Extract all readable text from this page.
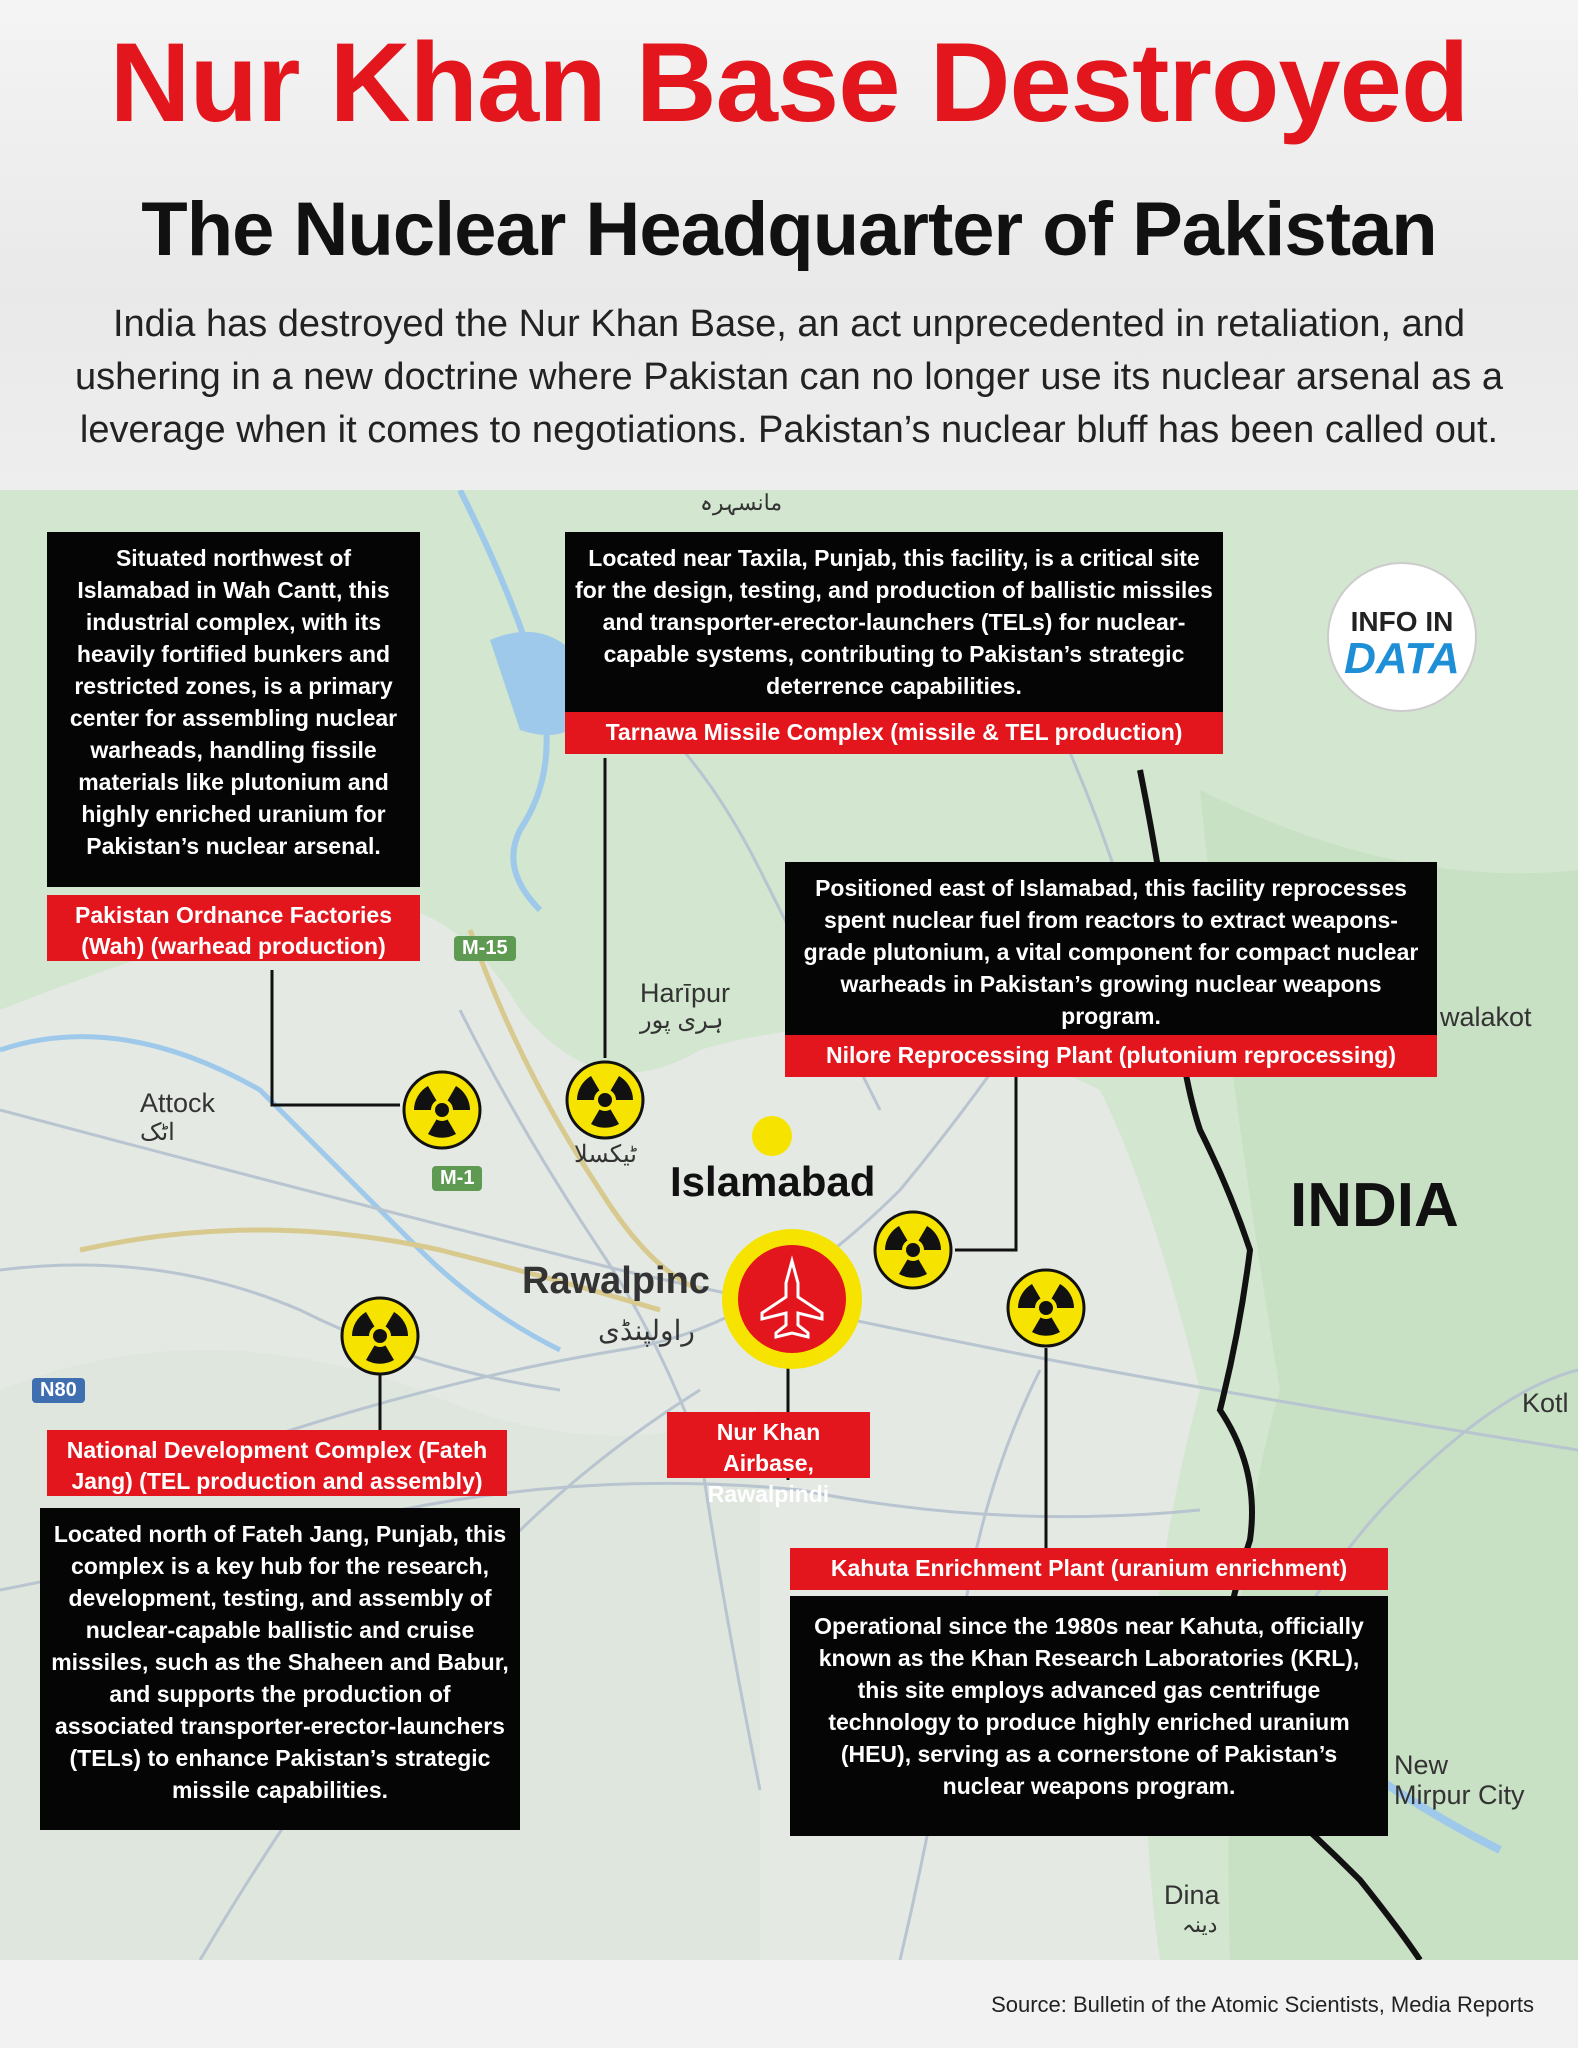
Nur Khan Base Destroyed
The Nuclear Headquarter of Pakistan
India has destroyed the Nur Khan Base, an act unprecedented in retaliation, and ushering in a new doctrine where Pakistan can no longer use its nuclear arsenal as a leverage when it comes to negotiations. Pakistan’s nuclear bluff has been called out.
Harīpur
ہری پور
Attock
اٹک
ٹیکسلا
مانسہرہ
Islamabad
Rawalpinc
راولپنڈی
INDIA
walakot
Kotl
New
Mirpur City
Dina
دینہ
M-15
M-1
N80
Situated northwest of Islamabad in Wah Cantt, this industrial complex, with its heavily fortified bunkers and restricted zones, is a primary center for assembling nuclear warheads, handling fissile materials like plutonium and highly enriched uranium for Pakistan’s nuclear arsenal.
Pakistan Ordnance Factories (Wah) (warhead production)
Located near Taxila, Punjab, this facility, is a critical site for the design, testing, and production of ballistic missiles and transporter-erector-launchers (TELs) for nuclear-capable systems, contributing to Pakistan’s strategic deterrence capabilities.
Tarnawa Missile Complex (missile & TEL production)
Positioned east of Islamabad, this facility reprocesses spent nuclear fuel from reactors to extract weapons-grade plutonium, a vital component for compact nuclear warheads in Pakistan’s growing nuclear weapons program.
Nilore Reprocessing Plant (plutonium reprocessing)
National Development Complex (Fateh Jang) (TEL production and assembly)
Located north of Fateh Jang, Punjab, this complex is a key hub for the research, development, testing, and assembly of nuclear-capable ballistic and cruise missiles, such as the Shaheen and Babur, and supports the production of associated transporter-erector-launchers (TELs) to enhance Pakistan’s strategic missile capabilities.
Kahuta Enrichment Plant (uranium enrichment)
Operational since the 1980s near Kahuta, officially known as the Khan Research Laboratories (KRL), this site employs advanced gas centrifuge technology to produce highly enriched uranium (HEU), serving as a cornerstone of Pakistan’s nuclear weapons program.
Nur Khan Airbase, Rawalpindi
INFO IN
DATA
Source: Bulletin of the Atomic Scientists, Media Reports
